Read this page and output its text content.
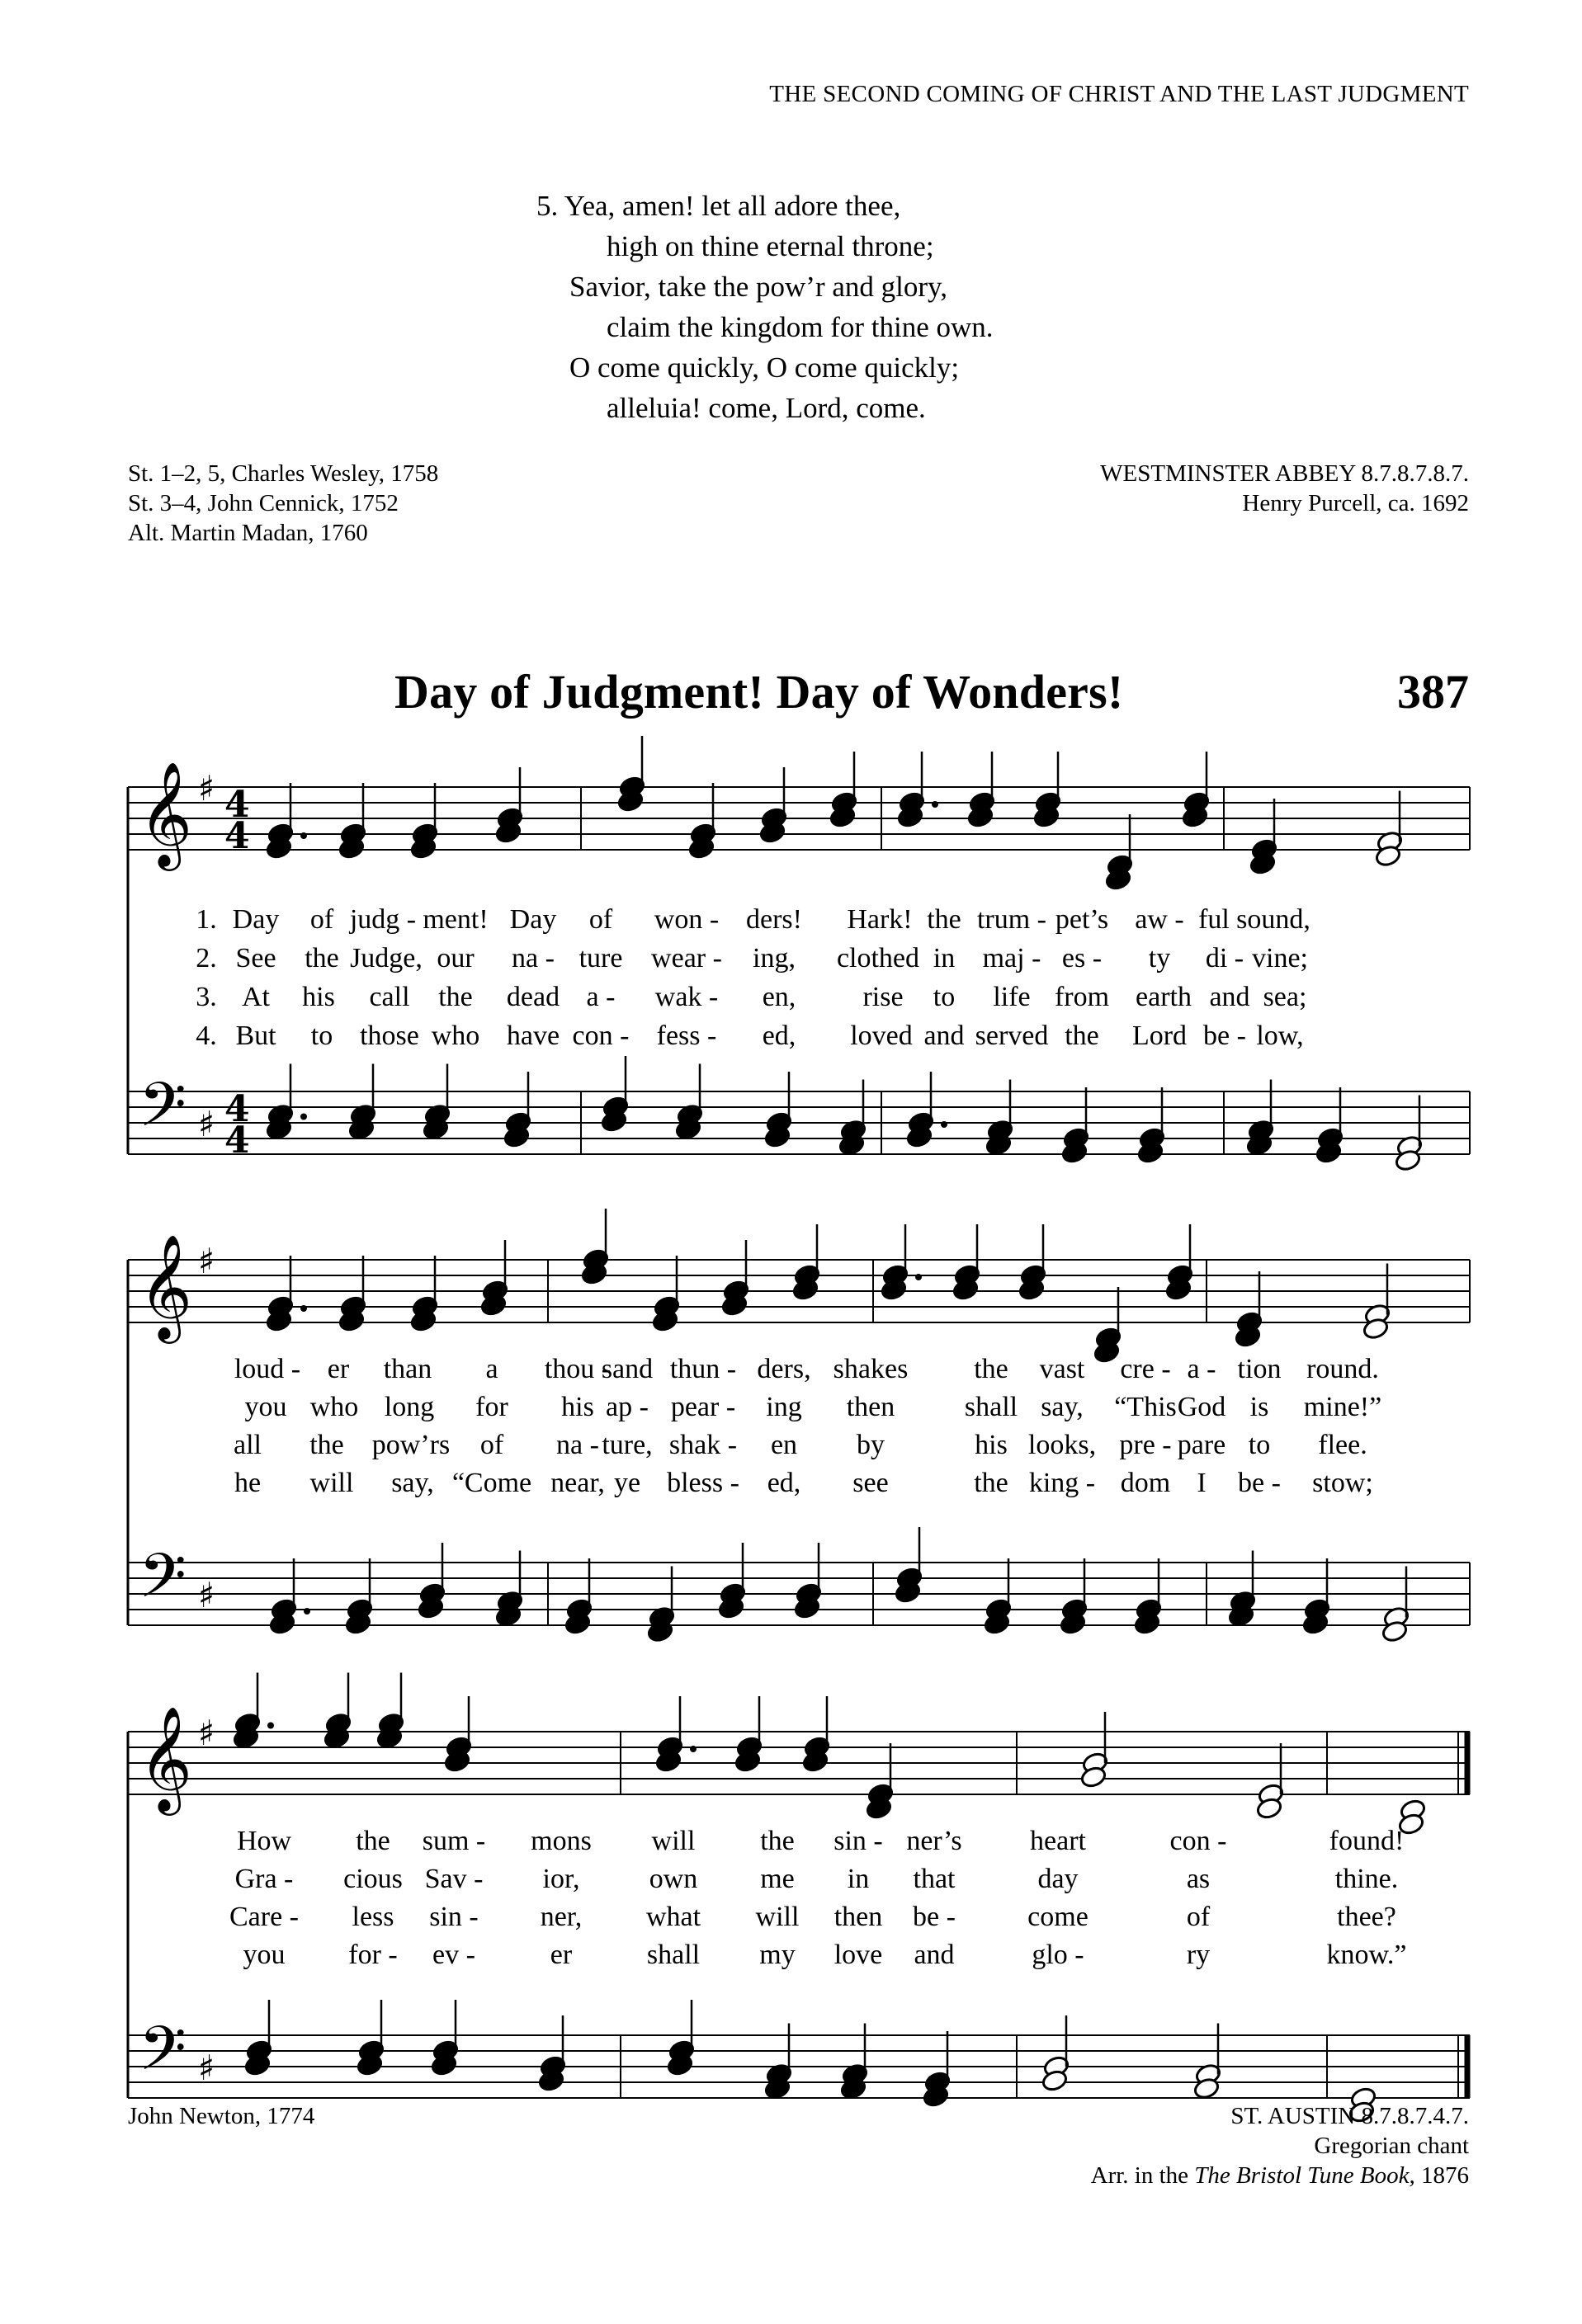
THE SECOND COMING OF CHRIST AND THE LAST JUDGMENT
5. Yea, amen! let all adore thee,
high on thine eternal throne;
Savior, take the pow’r and glory,
claim the kingdom for thine own.
O come quickly, O come quickly;
alleluia! come, Lord, come.
St. 1–2, 5, Charles Wesley, 1758
St. 3–4, John Cennick, 1752
Alt. Martin Madan, 1760
WESTMINSTER ABBEY 8.7.8.7.8.7.
Henry Purcell, ca. 1692
Day of Judgment! Day of Wonders!	387
𝄞
𝄢
♯
♯
4
4
4
4
1. Day of judg - ment! Day of won - ders! Hark! the trum - pet’s aw - ful sound,
2. See the Judge, our na - ture wear - ing, clothed in maj - es - ty di - vine;
3. At his call the dead a - wak - en, rise to life from earth and sea;
4. But to those who have con - fess - ed, loved and served the Lord be - low,
𝄞
𝄢
♯
♯
loud - er than a thou -
sand thun - ders, shakes the vast cre - a - tion round.
you who long for his ap - pear - ing then shall say, “This God is mine!”
all the pow’rs of na - ture, shak - en by	his looks, pre - pare to flee.
he will say, “Come near, ye bless - ed, see	the king - dom I be - stow;
𝄞
𝄢
♯
♯
How the sum - mons will the sin - ner’s heart	con -	found!
Gra - cious Sav - ior, own me in that	day	as	thine.
Care - less sin - ner, what will then be -	come	of	thee?
you for - ev -	er	shall my love and	glo -	ry	know.”
John Newton, 1774	ST. AUSTIN 8.7.8.7.4.7.
Gregorian chant
Arr. in the The Bristol Tune Book, 1876
